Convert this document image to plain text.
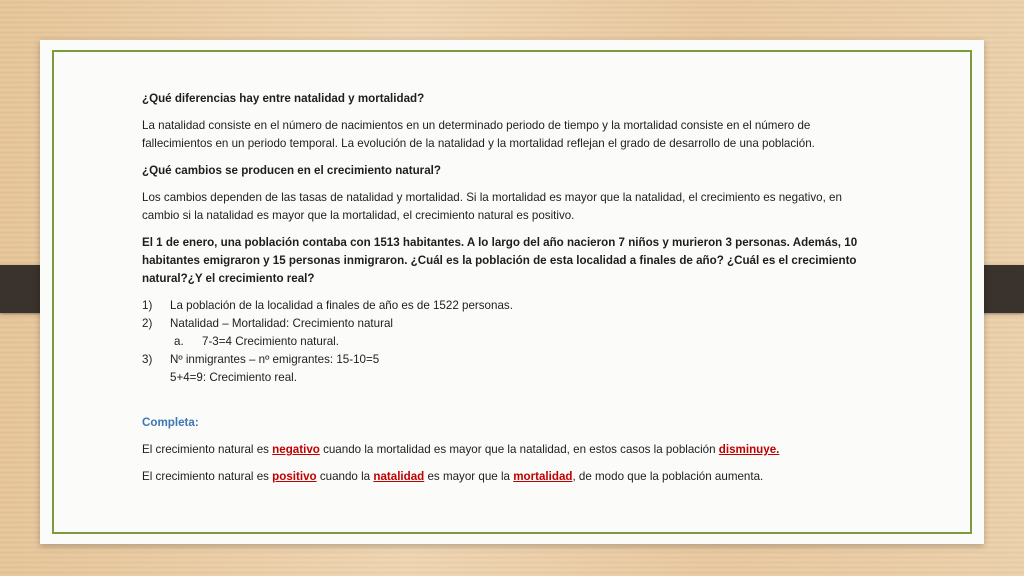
¿Qué diferencias hay entre natalidad y mortalidad?

La natalidad consiste en el número de nacimientos en un determinado periodo de tiempo y la mortalidad consiste en el número de fallecimientos en un periodo temporal. La evolución de la natalidad y la mortalidad reflejan el grado de desarrollo de una población.

¿Qué cambios se producen en el crecimiento natural?

Los cambios dependen de las tasas de natalidad y mortalidad. Si la mortalidad es mayor que la natalidad, el crecimiento es negativo, en cambio si la natalidad es mayor que la mortalidad, el crecimiento natural es positivo.

El 1 de enero, una población contaba con 1513 habitantes. A lo largo del año nacieron 7 niños y murieron 3 personas. Además, 10 habitantes emigraron y 15 personas inmigraron. ¿Cuál es la población de esta localidad a finales de año? ¿Cuál es el crecimiento natural?¿Y el crecimiento real?

1)	La población de la localidad a finales de año es de 1522 personas.
2)	Natalidad – Mortalidad: Crecimiento natural
a.	7-3=4 Crecimiento natural.
3)	Nº inmigrantes – nº emigrantes: 15-10=5
5+4=9: Crecimiento real.

Completa:

El crecimiento natural es negativo cuando la mortalidad es mayor que la natalidad, en estos casos la población disminuye.

El crecimiento natural es positivo cuando la natalidad es mayor que la mortalidad, de modo que la población aumenta.
